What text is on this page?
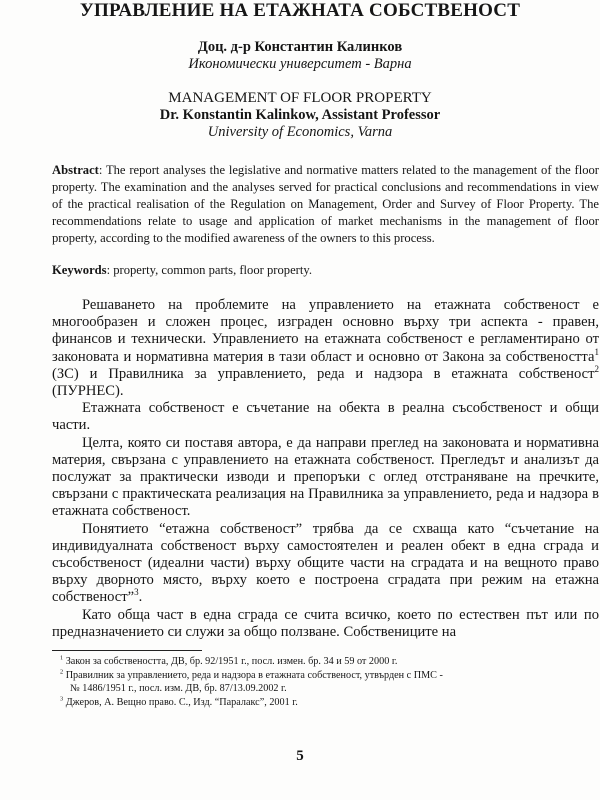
УПРАВЛЕНИЕ НА ЕТАЖНАТА СОБСТВЕНОСТ
Доц. д-р Константин Калинков
Икономически университет - Варна
MANAGEMENT OF FLOOR PROPERTY
Dr. Konstantin Kalinkow, Assistant Professor
University of Economics, Varna
Abstract: The report analyses the legislative and normative matters related to the management of the floor property. The examination and the analyses served for practical conclusions and recommendations in view of the practical realisation of the Regulation on Management, Order and Survey of Floor Property. The recommendations relate to usage and application of market mechanisms in the management of floor property, according to the modified awareness of the owners to this process.
Keywords: property, common parts, floor property.

Решаването на проблемите на управлението на етажната собственост е многообразен и сложен процес, изграден основно върху три аспекта - правен, финансов и технически. Управлението на етажната собственост е регламентирано от законовата и нормативна материя в тази област и основно от Закона за собствеността$^1$ (ЗС) и Правилника за управлението, реда и надзора в етажната собственост$^2$ (ПУРНЕС).

Етажната собственост е съчетание на обекта в реална съсобственост и общи части.

Целта, която си поставя автора, е да направи преглед на законовата и нормативна материя, свързана с управлението на етажната собственост. Прегледът и анализът да послужат за практически изводи и препоръки с оглед отстраняване на пречките, свързани с практическата реализация на Правилника за управлението, реда и надзора в етажната собственост.

Понятието “етажна собственост” трябва да се схваща като “съчетание на индивидуалната собственост върху самостоятелен и реален обект в една сграда и съсобственост (идеални части) върху общите части на сградата и на вещното право върху дворното място, върху което е построена сградата при режим на етажна собственост”$^3$.

Като обща част в една сграда се счита всичко, което по естествен път или по предназначението си служи за общо ползване. Собствениците на

$^1$ Закон за собствеността, ДВ, бр. 92/1951 г., посл. измен. бр. 34 и 59 от 2000 г.
$^2$ Правилник за управлението, реда и надзора в етажната собственост, утвърден с ПМС -
№ 1486/1951 г., посл. изм. ДВ, бр. 87/13.09.2002 г.
$^3$ Джеров, А. Вещно право. С., Изд. “Паралакс”, 2001 г.
5
